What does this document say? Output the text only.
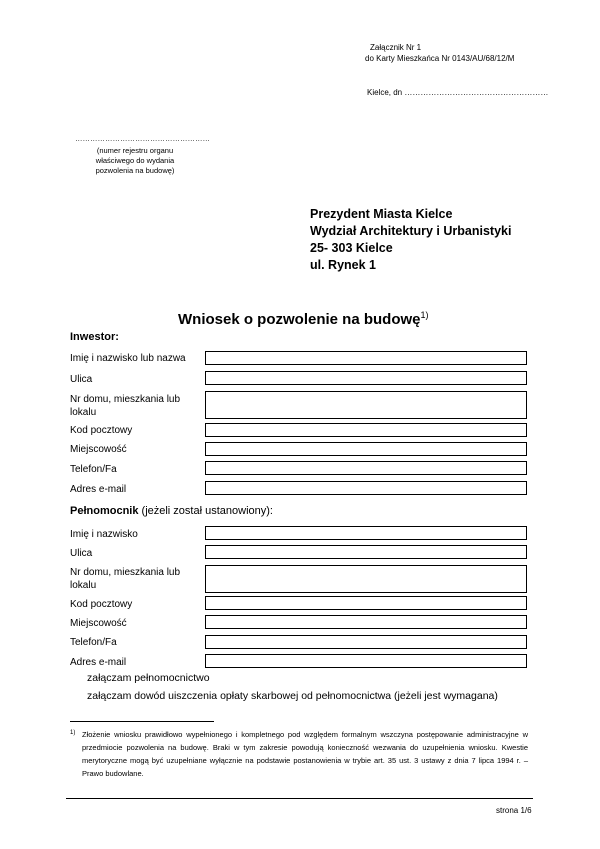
Załącznik Nr 1
do Karty Mieszkańca Nr 0143/AU/68/12/M
Kielce, dn ………………………………………………
………………………………………………
(numer rejestru organu
właściwego do wydania
pozwolenia na budowę)
Prezydent Miasta Kielce
Wydział Architektury i Urbanistyki
25- 303 Kielce
ul. Rynek 1
Wniosek o pozwolenie na budowę$^{1)}$
Inwestor:
Imię i nazwisko lub nazwa
Ulica
Nr domu, mieszkania lub lokalu
Kod pocztowy
Miejscowość
Telefon/Fa
Adres e-mail
Pełnomocnik (jeżeli został ustanowiony):
Imię i nazwisko
Ulica
Nr domu, mieszkania lub lokalu
Kod pocztowy
Miejscowość
Telefon/Fa
Adres e-mail
załączam pełnomocnictwo
załączam dowód uiszczenia opłaty skarbowej od pełnomocnictwa (jeżeli jest wymagana)
1) Złożenie wniosku prawidłowo wypełnionego i kompletnego pod względem formalnym wszczyna postępowanie administracyjne w przedmiocie pozwolenia na budowę. Braki w tym zakresie powodują konieczność wezwania do uzupełnienia wniosku. Kwestie merytoryczne mogą być uzupełniane wyłącznie na podstawie postanowienia w trybie art. 35 ust. 3 ustawy z dnia 7 lipca 1994 r. – Prawo budowlane.
strona 1/6
